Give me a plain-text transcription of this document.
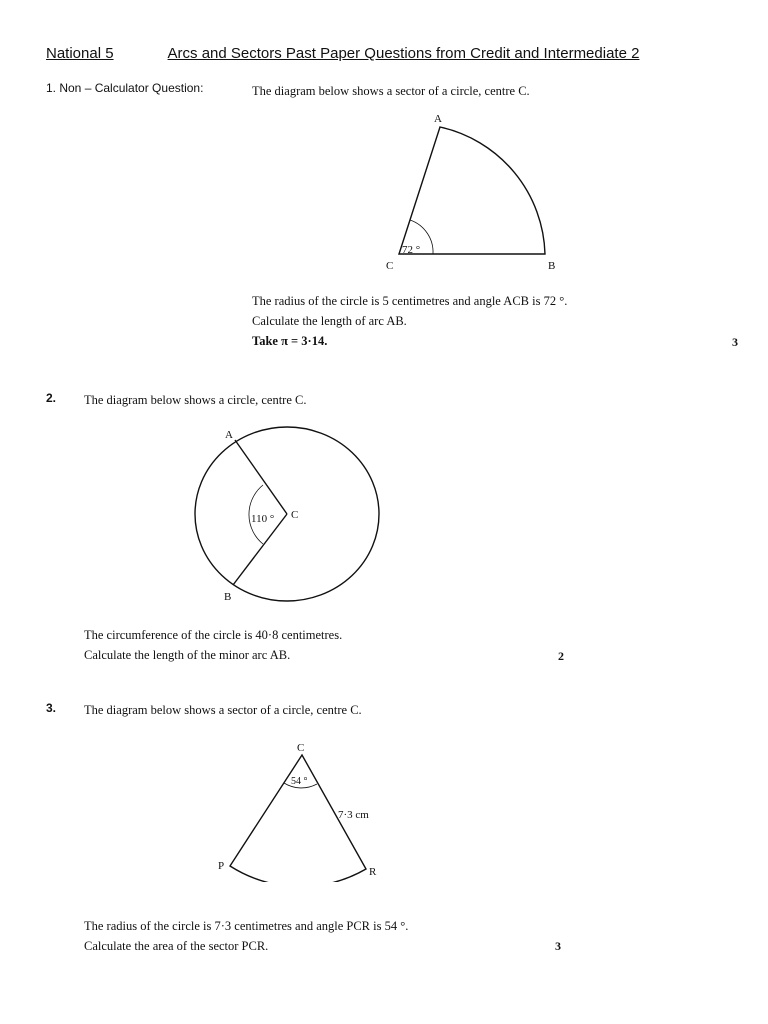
National 5	Arcs and Sectors Past Paper Questions from Credit and Intermediate 2
1. Non – Calculator Question:	The diagram below shows a sector of a circle, centre C.
A
B
C
72 °
The radius of the circle is 5 centimetres and angle ACB is 72 °.
Calculate the length of arc AB.
Take π = 3·14.	3
2. The diagram below shows a circle, centre C.
A
B
C
110 °
The circumference of the circle is 40·8 centimetres.
Calculate the length of the minor arc AB.	2
3. The diagram below shows a sector of a circle, centre C.
C
P	R
54 °
7·3 cm
The radius of the circle is 7·3 centimetres and angle PCR is 54 °.
Calculate the area of the sector PCR.	3
